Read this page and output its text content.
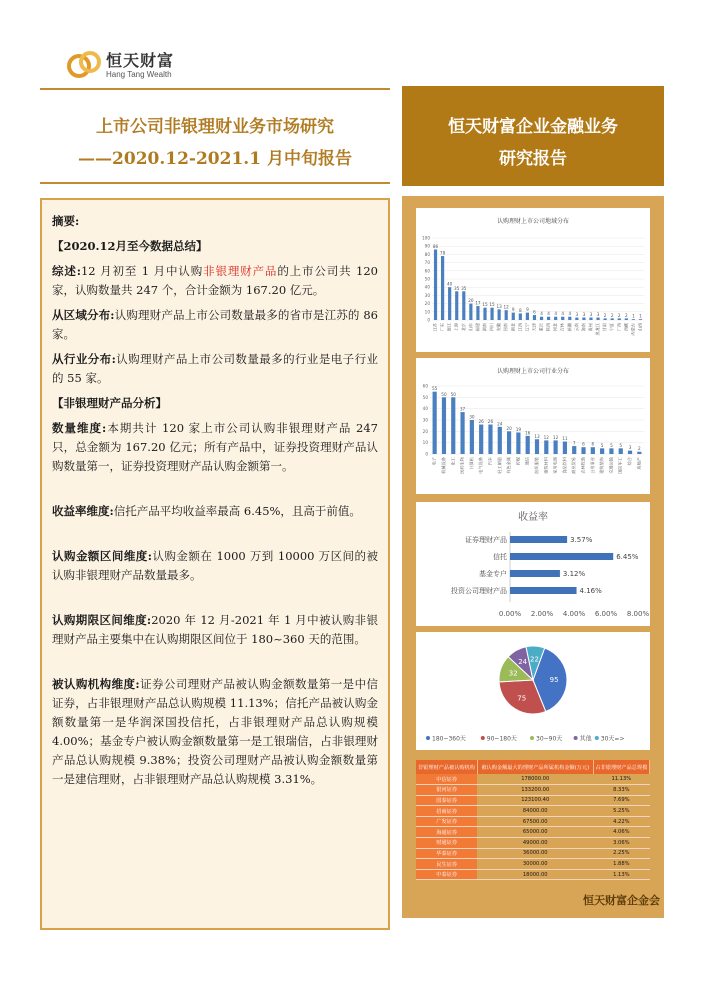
恒天财富
Hang Tang Wealth
上市公司非银理财业务市场研究
——2020.12-2021.1 月中旬报告
恒天财富企业金融业务
研究报告

摘要:

【2020.12月至今数据总结】

综述:12 月初至 1 月中认购非银理财产品的上市公司共 120 家，认购数量共 247 个，合计金额为 167.20 亿元。

从区域分布:认购理财产品上市公司数量最多的省市是江苏的 86 家。

从行业分布:认购理财产品上市公司数量最多的行业是电子行业的 55 家。

【非银理财产品分析】

数量维度:本期共计 120 家上市公司认购非银理财产品 247 只，总金额为 167.20 亿元；所有产品中，证券投资理财产品认购数量第一，证券投资理财产品认购金额第一。

收益率维度:信托产品平均收益率最高 6.45%，且高于前值。

认购金额区间维度:认购金额在 1000 万到 10000 万区间的被认购非银理财产品数量最多。

认购期限区间维度:2020 年 12 月-2021 年 1 月中被认购非银理财产品主要集中在认购期限区间位于 180~360 天的范围。

被认购机构维度:证券公司理财产品被认购金额数量第一是中信证券，占非银理财产品总认购规模 11.13%；信托产品被认购金额数量第一是华润深国投信托，占非银理财产品总认购规模 4.00%；基金专户被认购金额数量第一是工银瑞信，占非银理财产品总认购规模 9.38%；投资公司理财产品被认购金额数量第一是建信理财，占非银理财产品总认购规模 3.31%。

认购理财上市公司地域分布
0
10
20
30
40
50
60
70
80
90
100
86
江苏
78
广东
40
浙江
35
上海
35
北京
20
山东
17
福建
15
湖南
15
四川
13
安徽
12
河南
9
湖北
8
江西
9
辽宁
6
天津
4
重庆
4
陕西
4
河北
4
吉林
4
新疆
3
云南
3
海南
3
贵州
3
黑龙江
2
甘肃
2
宁夏
2
广西
2
西藏
1
内蒙古
1
山西
认购理财上市公司行业分布
0
10
20
30
40
50
60
55
电子
50
机械设备
50
化工
37
医药生物
30
计算机
26
电气设备
26
汽车
24
轻工制造
20
有色金属
19
传媒
16
通信
13
纺织服装
12
建筑材料
12
家用电器
11
食品饮料
7
商业贸易
6
农林牧渔
6
公用事业
5
建筑装饰
5
交通运输
5
国防军工
3
综合
2
房地产
收益率
证券理财产品	3.57%
信托	6.45%
基金专户	3.12%
投资公司理财产品	4.16%
0.00% 2.00% 4.00% 6.00% 8.00%
95
75
32
24 22
180~360天	90~180天	30~90天	其他 30天=>
非银理财产品被认购机构	被认购金额最大的理财产品所属机构金额(万元)	占非银理财产品总规模
中信证券	178000.00	11.13%
银河证券	133200.00	8.33%
国泰证券	123100.40	7.69%
招商证券	84000.00	5.25%
广发证券	67500.00	4.22%
海通证券	65000.00	4.06%
财通证券	49000.00	3.06%
华泰证券	36000.00	2.25%
民生证券	30000.00	1.88%
中泰证券	18000.00	1.13%
恒天财富企金会
